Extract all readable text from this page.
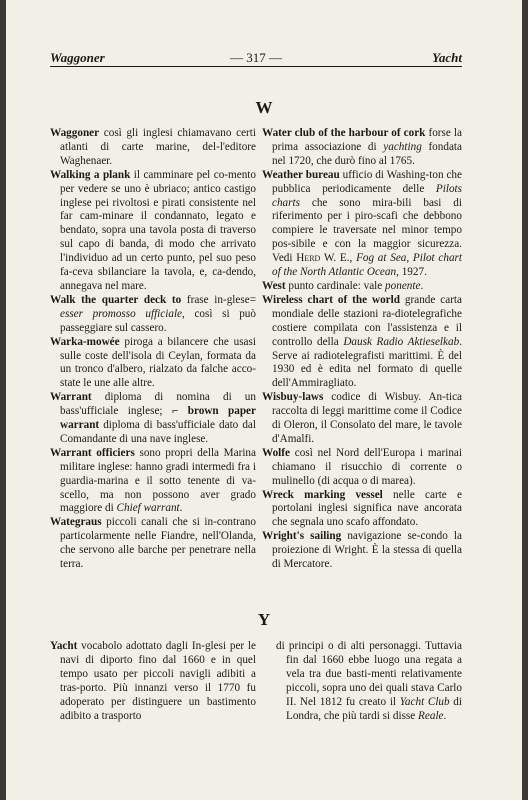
Waggoner	— 317 —	Yacht
W

Waggoner così gli inglesi chiamavano certi atlanti di carte marine, del-l'editore Waghenaer.

Walking a plank il camminare pel co-mento per vedere se uno è ubriaco; antico castigo inglese pei rivoltosi e pirati consistente nel far cam-minare il condannato, legato e bendato, sopra una tavola posta di traverso sul capo di banda, di modo che arrivato l'individuo ad un certo punto, pel suo peso fa-ceva sbilanciare la tavola, e, ca-dendo, annegava nel mare.

Walk the quarter deck to frase in-glese= esser promosso ufficiale, così si può passeggiare sul cassero.

Warka-mowée piroga a bilancere che usasi sulle coste dell'isola di Ceylan, formata da un tronco d'albero, rialzato da falche acco-state le une alle altre.

Warrant diploma di nomina di un bass'ufficiale inglese; ⌐ brown paper warrant diploma di bass'ufficiale dato dal Comandante di una nave inglese.

Warrant officiers sono propri della Marina militare inglese: hanno gradi intermedi fra i guardia-marina e il sotto tenente di va-scello, ma non possono aver grado maggiore di Chief warrant.

Wategraus piccoli canali che si in-contrano particolarmente nelle Fiandre, nell'Olanda, che servono alle barche per penetrare nella terra.

Water club of the harbour of cork forse la prima associazione di yachting fondata nel 1720, che durò fino al 1765.

Weather bureau ufficio di Washing-ton che pubblica periodicamente delle Pilots charts che sono mira-bili basi di riferimento per i piro-scafi che debbono compiere le traversate nel minor tempo pos-sibile e con la maggior sicurezza. Vedi Herd W. E., Fog at Sea, Pilot chart of the North Atlantic Ocean, 1927.

West punto cardinale: vale ponente.

Wireless chart of the world grande carta mondiale delle stazioni ra-diotelegrafiche costiere compilata con l'assistenza e il controllo della Dausk Radio Aktieselkab. Serve ai radiotelegrafisti marittimi. È del 1930 ed è edita nel formato di quelle dell'Ammiragliato.

Wisbuy-laws codice di Wisbuy. An-tica raccolta di leggi marittime come il Codice di Oleron, il Consolato del mare, le tavole d'Amalfi.

Wolfe così nel Nord dell'Europa i marinai chiamano il risucchio di corrente o mulinello (di acqua o di marea).

Wreck marking vessel nelle carte e portolani inglesi significa nave ancorata che segnala uno scafo affondato.

Wright's sailing navigazione se-condo la proiezione di Wright. È la stessa di quella di Mercatore.

Y

Yacht vocabolo adottato dagli In-glesi per le navi di diporto fino dal 1660 e in quel tempo usato per piccoli navigli adibiti a tras-porto. Più innanzi verso il 1770 fu adoperato per distinguere un bastimento adibito a trasporto

di principi o di alti personaggi. Tuttavia fin dal 1660 ebbe luogo una regata a vela tra due basti-menti relativamente piccoli, sopra uno dei quali stava Carlo II. Nel 1812 fu creato il Yacht Club di Londra, che più tardi si disse Reale.
